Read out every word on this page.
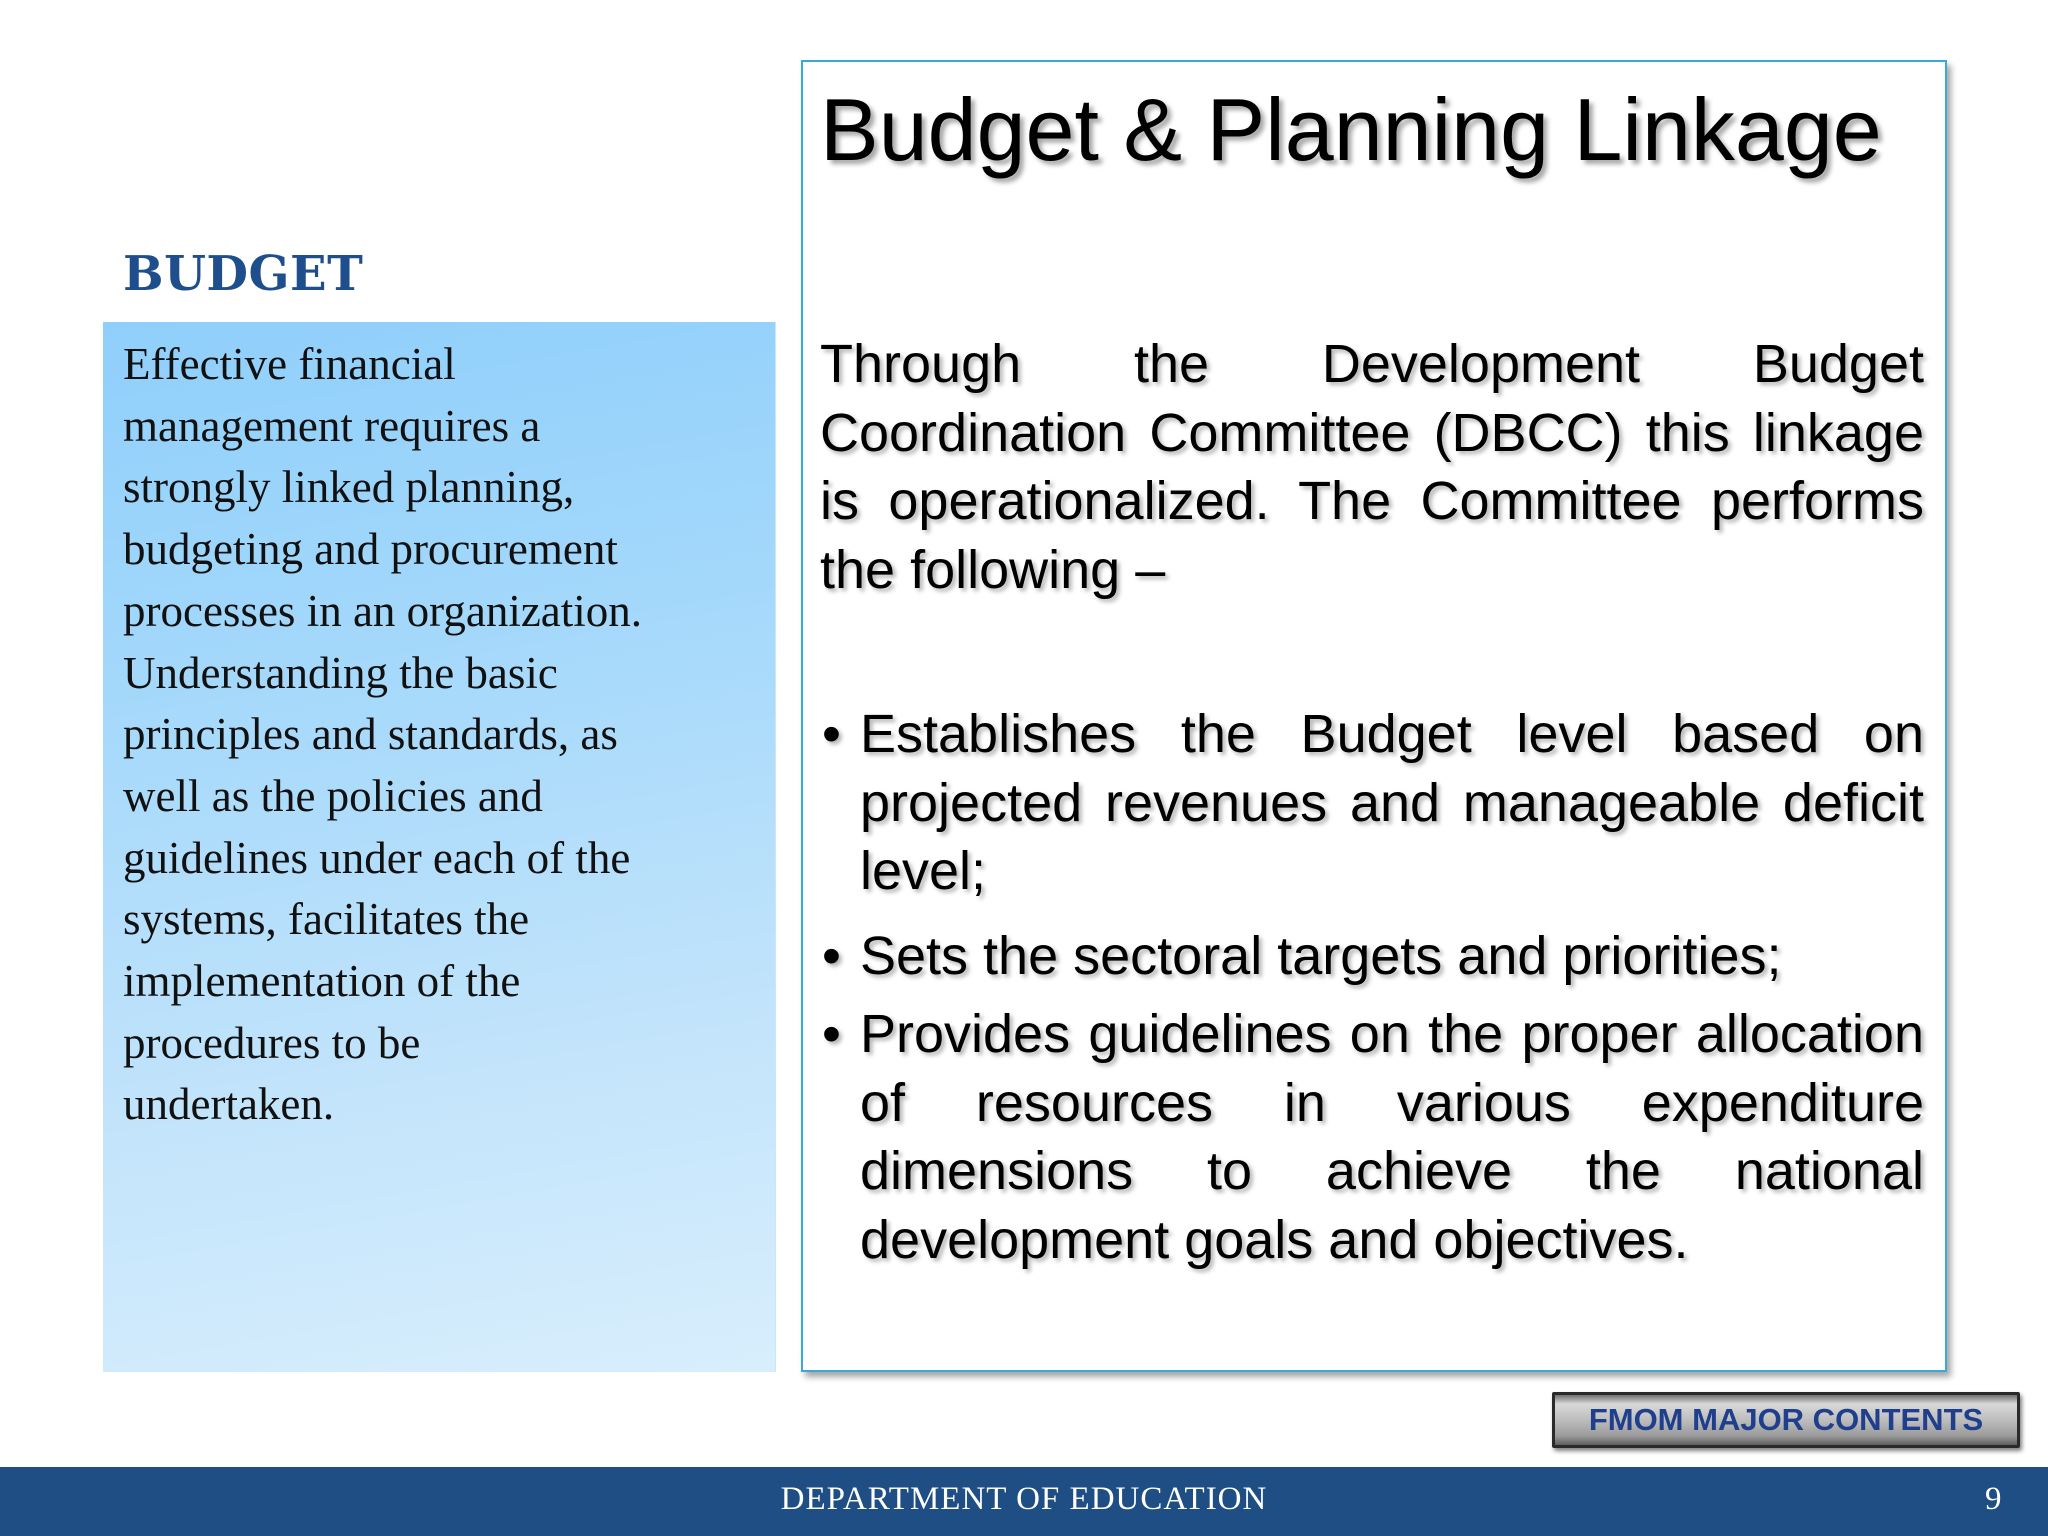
BUDGET
Effective financial
management requires a
strongly linked planning,
budgeting and procurement
processes in an organization.
Understanding the basic
principles and standards, as
well as the policies and
guidelines under each of the
systems, facilitates the
implementation of the
procedures to be
undertaken.
Budget & Planning Linkage

Through the Development Budget Coordination Committee (DBCC) this linkage is operationalized. The Committee performs the following –

• Establishes the Budget level based on projected revenues and manageable deficit level;
• Sets the sectoral targets and priorities;
• Provides guidelines on the proper allocation of resources in various expenditure dimensions to achieve the national development goals and objectives.
FMOM MAJOR CONTENTS
DEPARTMENT OF EDUCATION	9
